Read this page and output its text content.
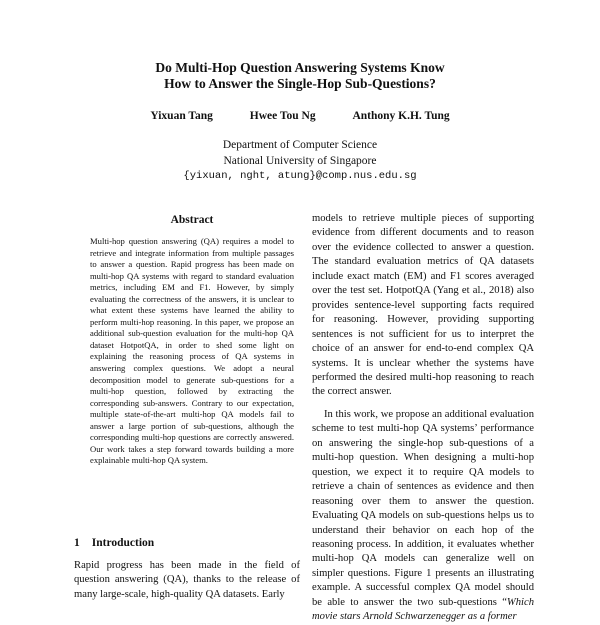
Do Multi-Hop Question Answering Systems Know
How to Answer the Single-Hop Sub-Questions?
Yixuan Tang	Hwee Tou Ng	Anthony K.H. Tung
Department of Computer Science
National University of Singapore
{yixuan, nght, atung}@comp.nus.edu.sg
Abstract
Multi-hop question answering (QA) requires a model to retrieve and integrate information from multiple passages to answer a question. Rapid progress has been made on multi-hop QA systems with regard to standard evaluation metrics, including EM and F1. However, by simply evaluating the correctness of the answers, it is unclear to what extent these systems have learned the ability to perform multi-hop reasoning. In this paper, we propose an additional sub-question evaluation for the multi-hop QA dataset HotpotQA, in order to shed some light on explaining the reasoning process of QA systems in answering complex questions. We adopt a neural decomposition model to generate sub-questions for a multi-hop question, followed by extracting the corresponding sub-answers. Contrary to our expectation, multiple state-of-the-art multi-hop QA models fail to answer a large portion of sub-questions, although the corresponding multi-hop questions are correctly answered. Our work takes a step forward towards building a more explainable multi-hop QA system.
1 Introduction
Rapid progress has been made in the field of question answering (QA), thanks to the release of many large-scale, high-quality QA datasets. Early

models to retrieve multiple pieces of supporting evidence from different documents and to reason over the evidence collected to answer a question. The standard evaluation metrics of QA datasets include exact match (EM) and F1 scores averaged over the test set. HotpotQA (Yang et al., 2018) also provides sentence-level supporting facts required for reasoning. However, providing supporting sentences is not sufficient for us to interpret the choice of an answer for end-to-end complex QA systems. It is unclear whether the systems have performed the desired multi-hop reasoning to reach the correct answer.

In this work, we propose an additional evaluation scheme to test multi-hop QA systems’ performance on answering the single-hop sub-questions of a multi-hop question. When designing a multi-hop question, we expect it to require QA models to retrieve a chain of sentences as evidence and then reasoning over them to answer the question. Evaluating QA models on sub-questions helps us to understand their behavior on each hop of the reasoning process. In addition, it evaluates whether multi-hop QA models can generalize well on simpler questions. Figure 1 presents an illustrating example. A successful complex QA model should be able to answer the two sub-questions “Which movie stars Arnold Schwarzenegger as a former
